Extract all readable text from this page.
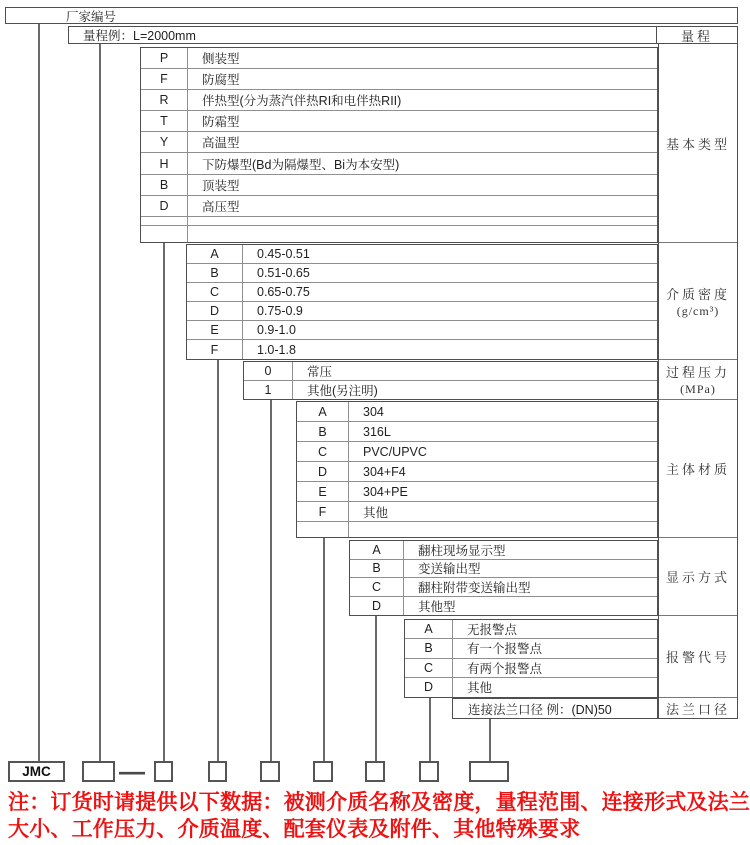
厂家编号
量程例：L=2000mm	量程
P	侧装型
F	防腐型
R	伴热型(分为蒸汽伴热RI和电伴热RII)
T	防霜型
Y	高温型
H	下防爆型(Bd为隔爆型、Bi为本安型)
B	顶装型
D	高压型
A	0.45-0.51
B	0.51-0.65
C	0.65-0.75
D	0.75-0.9
E	0.9-1.0
F	1.0-1.8
0	常压
1	其他(另注明)
A	304
B	316L
C	PVC/UPVC
D	304+F4
E	304+PE
F	其他
A	翻柱现场显示型
B	变送输出型
C	翻柱附带变送输出型
D	其他型
A	无报警点
B	有一个报警点
C	有两个报警点
D	其他
连接法兰口径 例：(DN)50
基本类型
介质密度
(g/cm³)
过程压力
(MPa)
主体材质
显示方式
报警代号
法兰口径
JMC	—
注：订货时请提供以下数据：被测介质名称及密度，量程范围、连接形式及法兰
大小、工作压力、介质温度、配套仪表及附件、其他特殊要求
